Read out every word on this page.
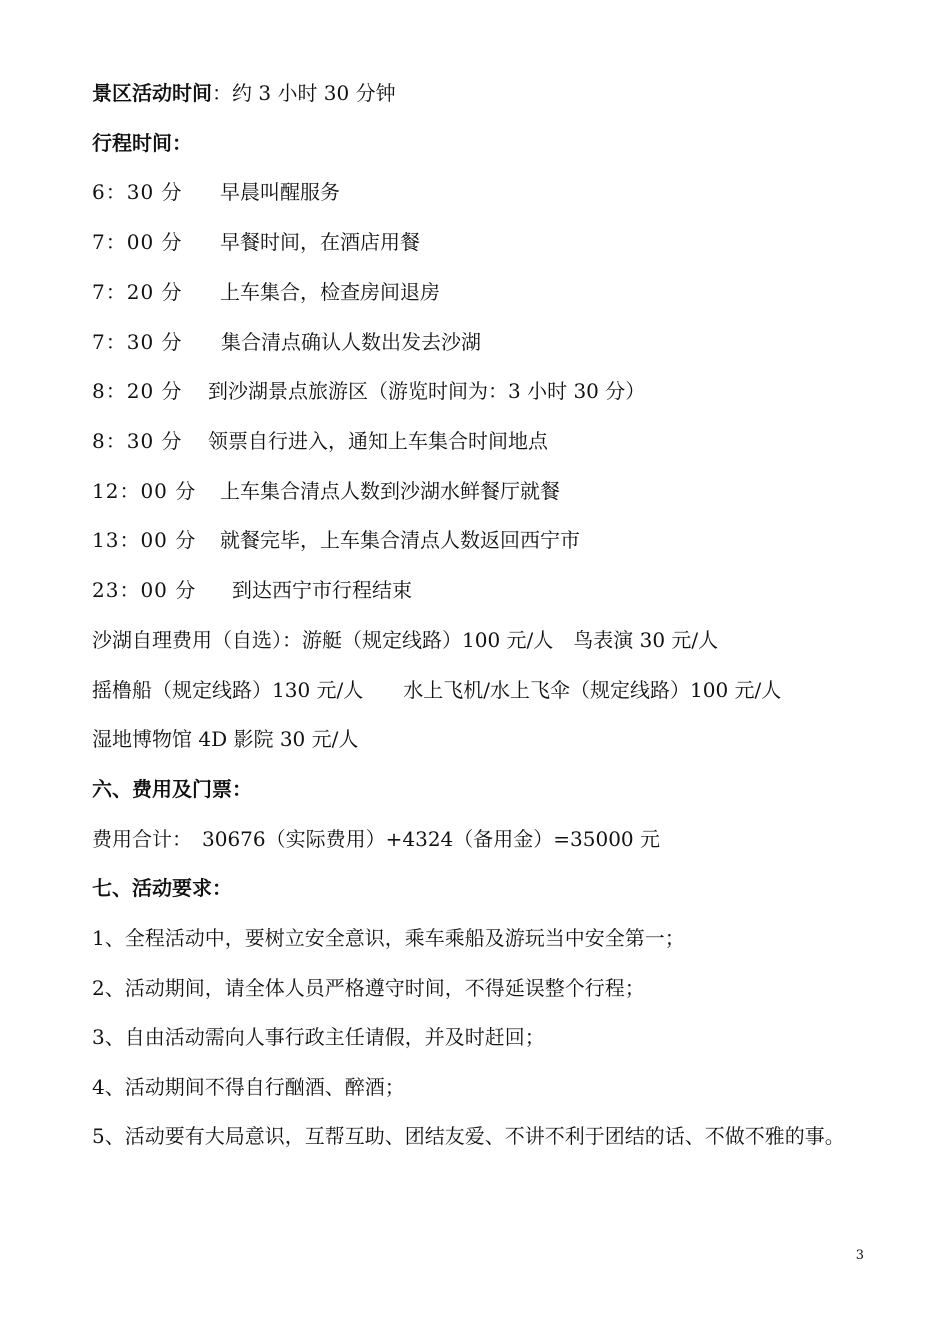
景区活动时间：约 3 小时 30 分钟
行程时间：
6：30 分 早晨叫醒服务
7：00 分 早餐时间，在酒店用餐
7：20 分 上车集合，检查房间退房
7：30 分 集合清点确认人数出发去沙湖
8：20 分 到沙湖景点旅游区（游览时间为：3 小时 30 分）
8：30 分 领票自行进入，通知上车集合时间地点
12：00 分 上车集合清点人数到沙湖水鲜餐厅就餐
13：00 分 就餐完毕，上车集合清点人数返回西宁市
23：00 分 到达西宁市行程结束
沙湖自理费用（自选）：游艇（规定线路）100 元/人　鸟表演 30 元/人
摇橹船（规定线路）130 元/人　　水上飞机/水上飞伞（规定线路）100 元/人
湿地博物馆 4D 影院 30 元/人
六、费用及门票：
费用合计：　30676（实际费用）+4324（备用金）=35000 元
七、活动要求：
1、全程活动中，要树立安全意识，乘车乘船及游玩当中安全第一；
2、活动期间，请全体人员严格遵守时间，不得延误整个行程；
3、自由活动需向人事行政主任请假，并及时赶回；
4、活动期间不得自行酗酒、醉酒；
5、活动要有大局意识，互帮互助、团结友爱、不讲不利于团结的话、不做不雅的事。
3
